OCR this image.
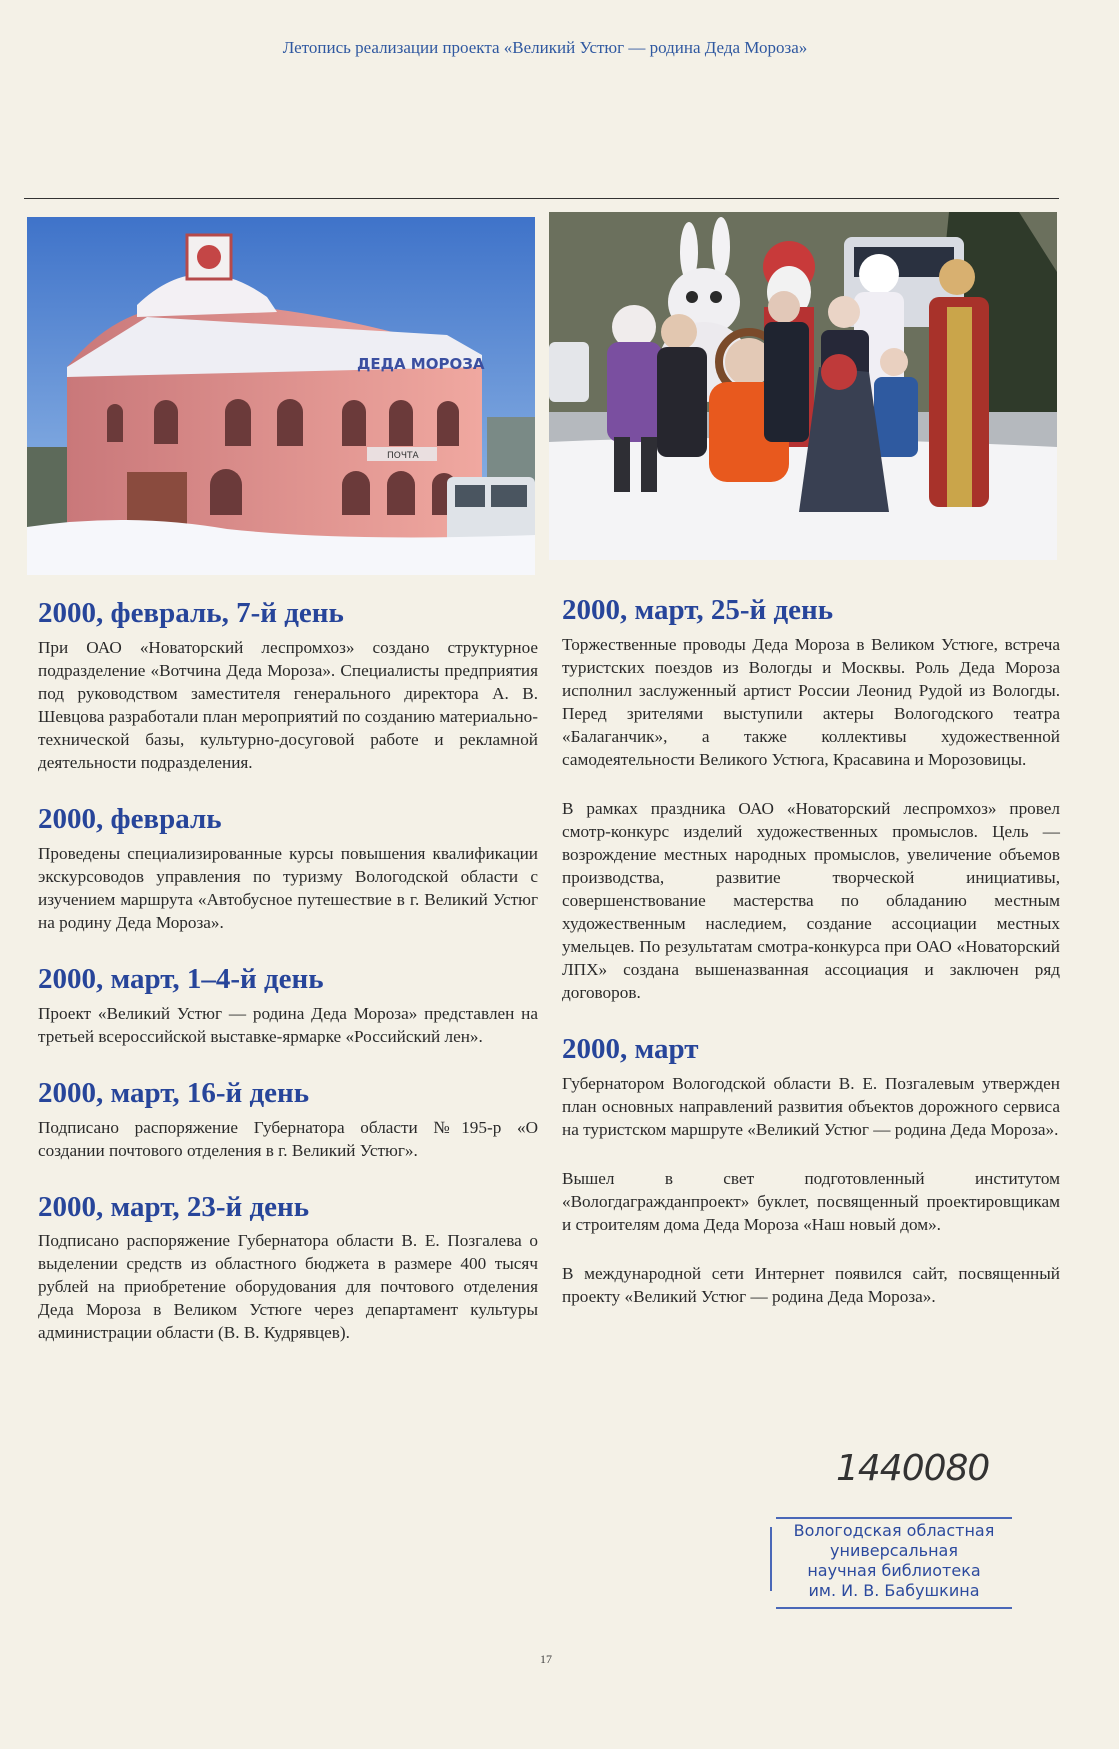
Летопись реализации проекта «Великий Устюг — родина Деда Мороза»
ДЕДА МОРОЗА
ПОЧТА
2000, февраль, 7-й день

При ОАО «Новаторский леспромхоз» создано структурное подразделение «Вотчина Деда Мороза». Специалисты предприятия под руководством заместителя генерального директора А. В. Шевцова разработали план мероприятий по созданию материально-технической базы, культурно-досуговой работе и рекламной деятельности подразделения.

2000, февраль

Проведены специализированные курсы повышения квалификации экскурсоводов управления по туризму Вологодской области с изучением маршрута «Автобусное путешествие в г. Великий Устюг на родину Деда Мороза».

2000, март, 1–4-й день

Проект «Великий Устюг — родина Деда Мороза» представлен на третьей всероссийской выставке-ярмарке «Российский лен».

2000, март, 16-й день

Подписано распоряжение Губернатора области №195-р «О создании почтового отделения в г. Великий Устюг».

2000, март, 23-й день

Подписано распоряжение Губернатора области В. Е. Позгалева о выделении средств из областного бюджета в размере 400 тысяч рублей на приобретение оборудования для почтового отделения Деда Мороза в Великом Устюге через департамент культуры администрации области (В. В. Кудрявцев).

2000, март, 25-й день

Торжественные проводы Деда Мороза в Великом Устюге, встреча туристских поездов из Вологды и Москвы. Роль Деда Мороза исполнил заслуженный артист России Леонид Рудой из Вологды. Перед зрителями выступили актеры Вологодского театра «Балаганчик», а также коллективы художественной самодеятельности Великого Устюга, Красавина и Морозовицы.

В рамках праздника ОАО «Новаторский леспромхоз» провел смотр-конкурс изделий художественных промыслов. Цель — возрождение местных народных промыслов, увеличение объемов производства, развитие творческой инициативы, совершенствование мастерства по обладанию местным художественным наследием, создание ассоциации местных умельцев. По результатам смотра-конкурса при ОАО «Новаторский ЛПХ» создана вышеназванная ассоциация и заключен ряд договоров.

2000, март

Губернатором Вологодской области В. Е. Позгалевым утвержден план основных направлений развития объектов дорожного сервиса на туристском маршруте «Великий Устюг — родина Деда Мороза».

Вышел в свет подготовленный институтом «Вологдагражданпроект» буклет, посвященный проектировщикам и строителям дома Деда Мороза «Наш новый дом».

В международной сети Интернет появился сайт, посвященный проекту «Великий Устюг — родина Деда Мороза».

1440080
Вологодская областная
универсальная
научная библиотека
им. И. В. Бабушкина
17
